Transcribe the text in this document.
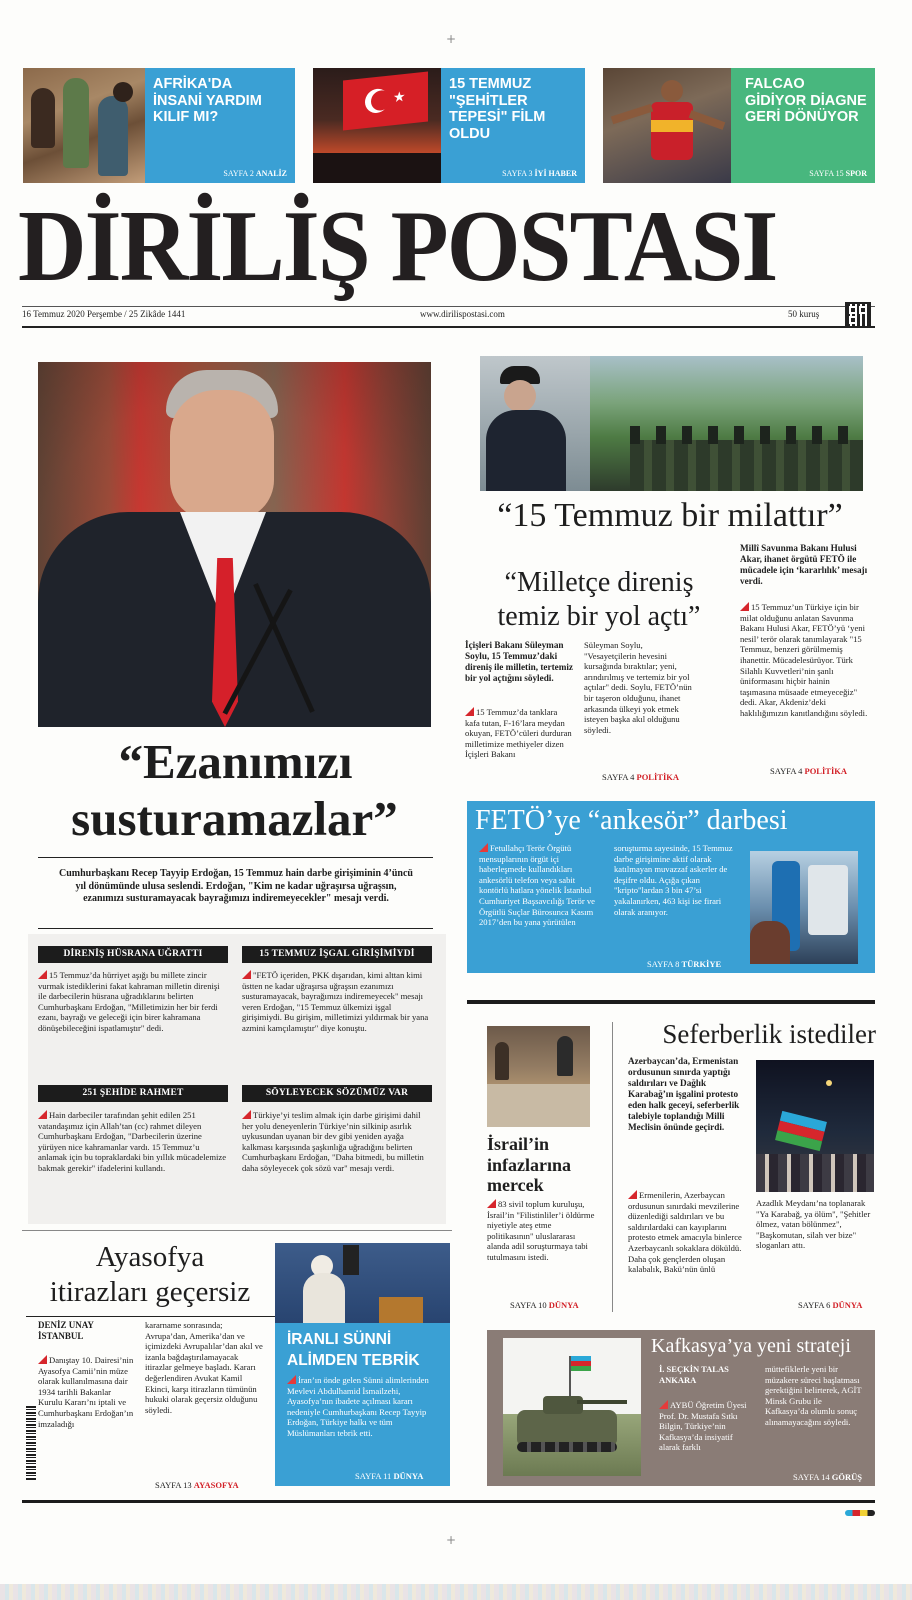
+
AFRİKA'DA İNSANİ YARDIM KILIF MI?
SAYFA 2 ANALİZ
★
15 TEMMUZ "ŞEHİTLER TEPESİ" FİLM OLDU
SAYFA 3 İYİ HABER
FALCAO GİDİYOR DİAGNE GERİ DÖNÜYOR
SAYFA 15 SPOR
DİRİLİŞ POSTASI
16 Temmuz 2020 Perşembe / 25 Zikâde 1441	www.dirilispostasi.com	50 kuruş
“Ezanımızı
susturamazlar”
Cumhurbaşkanı Recep Tayyip Erdoğan, 15 Temmuz hain darbe girişiminin 4’üncü yıl dönümünde ulusa seslendi. Erdoğan, "Kim ne kadar uğraşırsa uğraşsın, ezanımızı susturamayacak bayrağımızı indiremeyecekler" mesajı verdi.
DİRENİŞ HÜSRANA UĞRATTI
15 Temmuz’da hürriyet aşığı bu millete zincir vurmak istediklerini fakat kahraman milletin direnişi ile darbecilerin hüsrana uğradıklarını belirten Cumhurbaşkanı Erdoğan, "Milletimizin her bir ferdi ezanı, bayrağı ve geleceği için birer kahramana dönüşebileceğini ispatlamıştır" dedi.
15 TEMMUZ İŞGAL GİRİŞİMİYDİ
"FETÖ içeriden, PKK dışarıdan, kimi alttan kimi üstten ne kadar uğraşırsa uğraşsın ezanımızı susturamayacak, bayrağımızı indiremeyecek" mesajı veren Erdoğan, "15 Temmuz ülkemizi işgal girişimiydi. Bu girişim, milletimizi yıldırmak bir yana azmini kamçılamıştır" diye konuştu.
251 ŞEHİDE RAHMET
Hain darbeciler tarafından şehit edilen 251 vatandaşımız için Allah’tan (cc) rahmet dileyen Cumhurbaşkanı Erdoğan, "Darbecilerin üzerine yürüyen nice kahramanlar vardı. 15 Temmuz’u anlamak için bu topraklardaki bin yıllık mücadelemize bakmak gerekir" ifadelerini kullandı.
SÖYLEYECEK SÖZÜMÜZ VAR
Türkiye’yi teslim almak için darbe girişimi dahil her yolu deneyenlerin Türkiye’nin silkinip asırlık uykusundan uyanan bir dev gibi yeniden ayağa kalkması karşısında şaşkınlığa uğradığını belirten Cumhurbaşkanı Erdoğan, "Daha bitmedi, bu milletin daha söyleyecek çok sözü var" mesajı verdi.
“15 Temmuz bir milattır”
Millî Savunma Bakanı Hulusi Akar, ihanet örgütü FETÖ ile mücadele için ‘kararlılık’ mesajı verdi.
15 Temmuz’un Türkiye için bir milat olduğunu anlatan Savunma Bakanı Hulusi Akar, FETÖ’yü ‘yeni nesil’ terör olarak tanımlayarak "15 Temmuz, benzeri görülmemiş ihanettir. Mücadelesürüyor. Türk Silahlı Kuvvetleri’nin şanlı üniformasını hiçbir hainin taşımasına müsaade etmeyeceğiz" dedi. Akar, Akdeniz’deki haklılığımızın kanıtlandığını söyledi.
SAYFA 4 POLİTİKA
“Milletçe direniş
temiz bir yol açtı”
İçişleri Bakanı Süleyman Soylu, 15 Temmuz’daki direniş ile milletin, tertemiz bir yol açtığını söyledi.
15 Temmuz’da tanklara kafa tutan, F-16’lara meydan okuyan, FETÖ’cüleri durduran milletimize methiyeler dizen İçişleri Bakanı
Süleyman Soylu, "Vesayetçilerin hevesini kursağında bıraktılar; yeni, arındırılmış ve tertemiz bir yol açtılar" dedi. Soylu, FETÖ’nün bir taşeron olduğunu, ihanet arkasında ülkeyi yok etmek isteyen başka akıl olduğunu söyledi.
SAYFA 4 POLİTİKA
FETÖ’ye “ankesör” darbesi
Fetullahçı Terör Örgütü mensuplarının örgüt içi haberleşmede kullandıkları ankesörlü telefon veya sabit kontörlü hatlara yönelik İstanbul Cumhuriyet Başsavcılığı Terör ve Örgütlü Suçlar Bürosunca Kasım 2017’den bu yana yürütülen
soruşturma sayesinde, 15 Temmuz darbe girişimine aktif olarak katılmayan muvazzaf askerler de deşifre oldu. Açığa çıkan "kripto"lardan 3 bin 47’si yakalanırken, 463 kişi ise firari olarak aranıyor.
SAYFA 8 TÜRKİYE
İsrail’in infazlarına mercek
83 sivil toplum kuruluşu, İsrail’in "Filistinliler’i öldürme niyetiyle ateş etme politikasının" uluslararası alanda adil soruşturmaya tabi tutulmasını istedi.
SAYFA 10 DÜNYA
Seferberlik istediler
Azerbaycan’da, Ermenistan ordusunun sınırda yaptığı saldırıları ve Dağlık Karabağ’ın işgalini protesto eden halk geceyi, seferberlik talebiyle toplandığı Milli Meclisin önünde geçirdi.
Ermenilerin, Azerbaycan ordusunun sınırdaki mevzilerine düzenlediği saldırıları ve bu saldırılardaki can kayıplarını protesto etmek amacıyla binlerce Azerbaycanlı sokaklara döküldü. Daha çok gençlerden oluşan kalabalık, Bakü’nün ünlü
Azadlık Meydanı’na toplanarak "Ya Karabağ, ya ölüm", "Şehitler ölmez, vatan bölünmez", "Başkomutan, silah ver bize" sloganları attı.
SAYFA 6 DÜNYA
Ayasofya
itirazları geçersiz
DENİZ UNAY
İSTANBUL
Danıştay 10. Dairesi’nin Ayasofya Camii’nin müze olarak kullanılmasına dair 1934 tarihli Bakanlar Kurulu Kararı’nı iptali ve Cumhurbaşkanı Erdoğan’ın imzaladığı
kararname sonrasında; Avrupa’dan, Amerika’dan ve içimizdeki Avrupalılar’dan akıl ve izanla bağdaştırılamayacak itirazlar gelmeye başladı. Kararı değerlendiren Avukat Kamil Ekinci, karşı itirazların tümünün hukuki olarak geçersiz olduğunu söyledi.
SAYFA 13 AYASOFYA
İRANLI SÜNNİ ALİMDEN TEBRİK
İran’ın önde gelen Sünni alimlerinden Mevlevi Abdulhamid İsmailzehi, Ayasofya’nın ibadete açılması kararı nedeniyle Cumhurbaşkanı Recep Tayyip Erdoğan, Türkiye halkı ve tüm Müslümanları tebrik etti.
SAYFA 11 DÜNYA
Kafkasya’ya yeni strateji
İ. SEÇKİN TALAS
ANKARA
AYBÜ Öğretim Üyesi Prof. Dr. Mustafa Sıtkı Bilgin, Türkiye’nin Kafkasya’da insiyatif alarak farklı
müttefiklerle yeni bir müzakere süreci başlatması gerektiğini belirterek, AGİT Minsk Grubu ile Kafkasya’da olumlu sonuç alınamayacağını söyledi.
SAYFA 14 GÖRÜŞ
+
